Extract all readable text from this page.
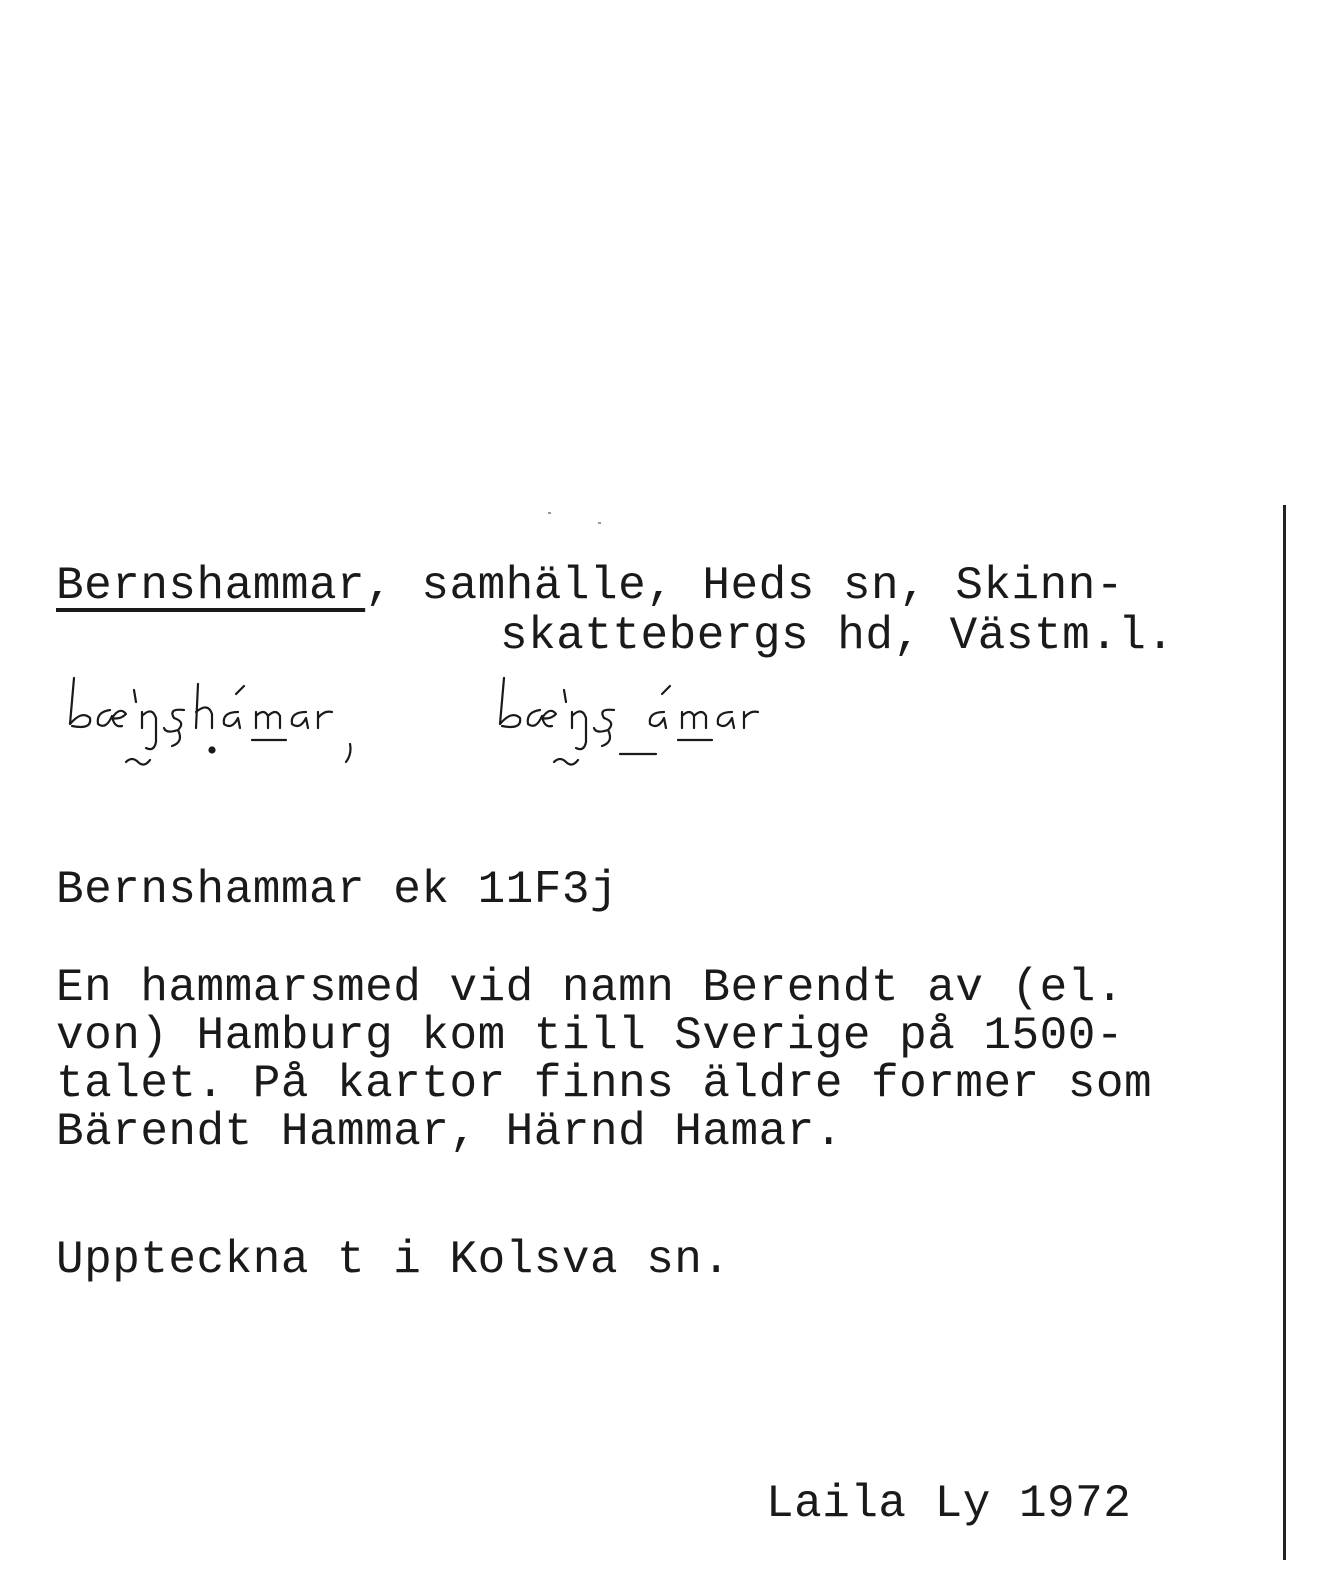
Bernshammar, samhälle, Heds sn, Skinn-
skattebergs hd, Västm.l.
Bernshammar ek 11F3j
En hammarsmed vid namn Berendt av (el.
von) Hamburg kom till Sverige på 1500-
talet. På kartor finns äldre former som
Bärendt Hammar, Härnd Hamar.
Uppteckna t i Kolsva sn.
Laila Ly 1972
